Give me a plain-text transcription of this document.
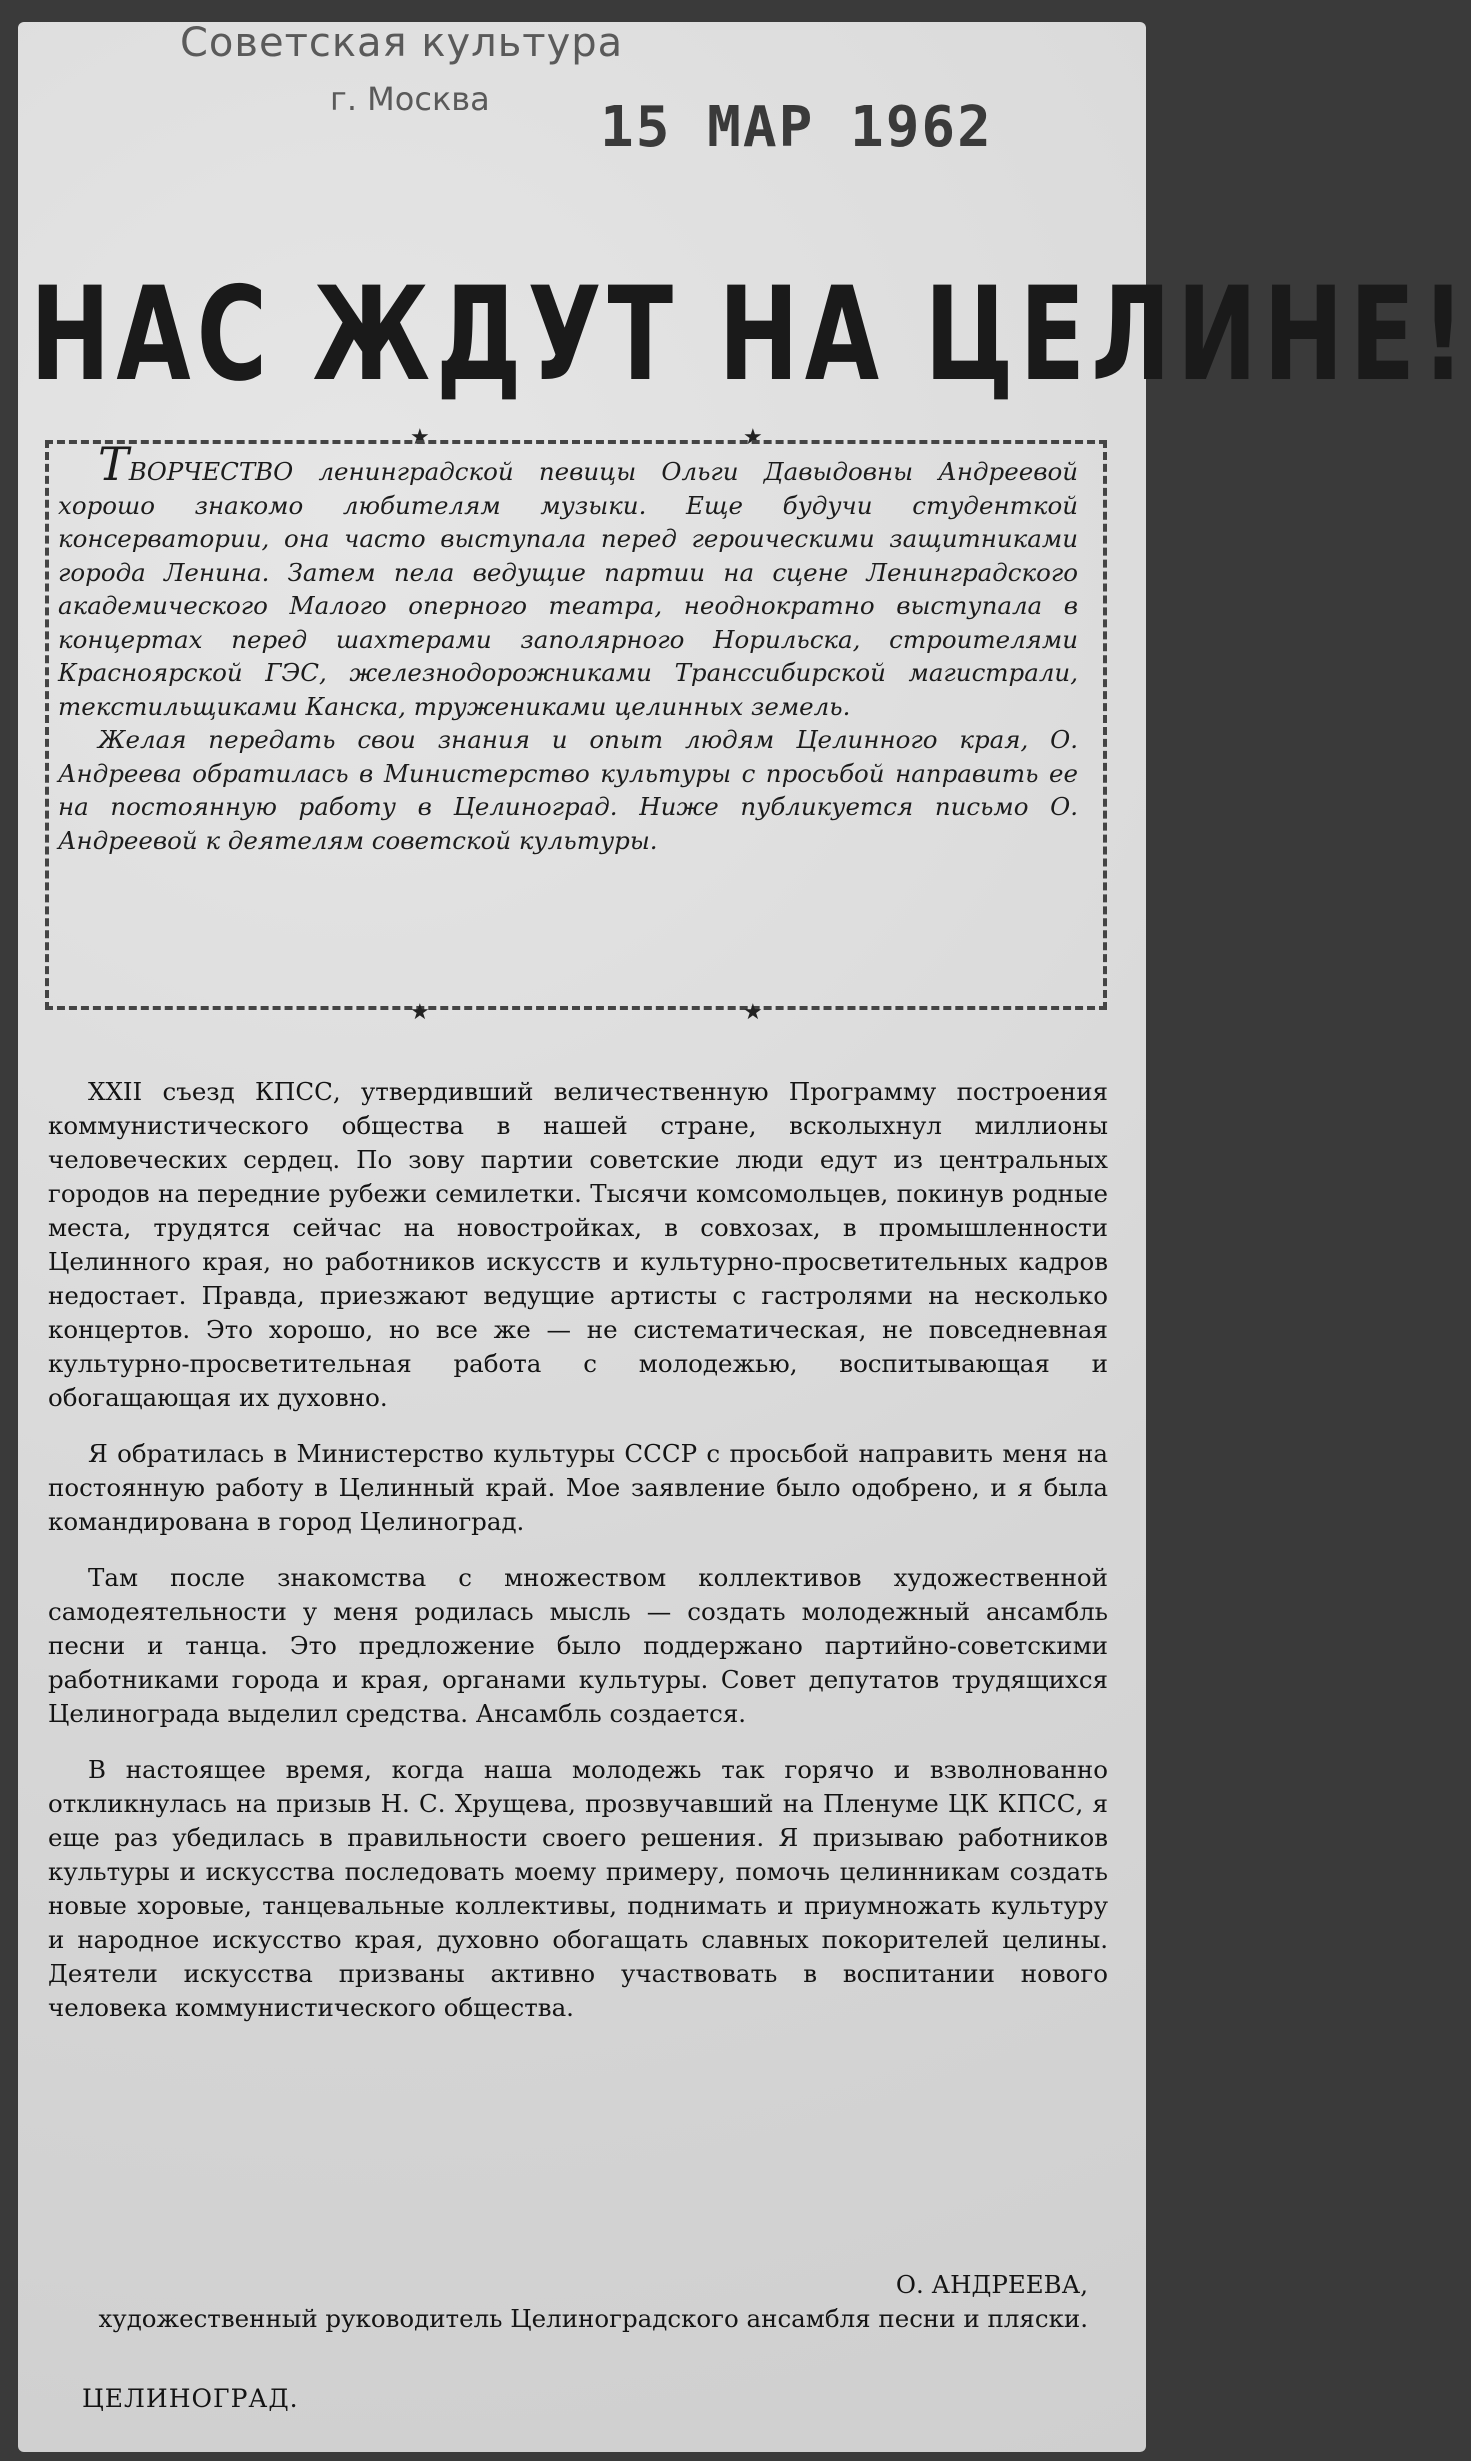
Советская культура
г. Москва 15 МАР 1962
НАС ЖДУТ НА ЦЕЛИНЕ!
★	★
★	★

ТВОРЧЕСТВО ленинградской певицы Ольги Давыдовны Андреевой хорошо знакомо любителям музыки. Еще будучи студенткой консерватории, она часто выступала перед героическими защитниками города Ленина. Затем пела ведущие партии на сцене Ленинградского академического Малого оперного театра, неоднократно выступала в концертах перед шахтерами заполярного Норильска, строителями Красноярской ГЭС, железнодорожниками Транссибирской магистрали, текстильщиками Канска, тружениками целинных земель.

Желая передать свои знания и опыт людям Целинного края, О. Андреева обратилась в Министерство культуры с просьбой направить ее на постоянную работу в Целиноград. Ниже публикуется письмо О. Андреевой к деятелям советской культуры.

XXII съезд КПСС, утвердивший величественную Программу построения коммунистического общества в нашей стране, всколыхнул миллионы человеческих сердец. По зову партии советские люди едут из центральных городов на передние рубежи семилетки. Тысячи комсомольцев, покинув родные места, трудятся сейчас на новостройках, в совхозах, в промышленности Целинного края, но работников искусств и культурно-просветительных кадров недостает. Правда, приезжают ведущие артисты с гастролями на несколько концертов. Это хорошо, но все же — не систематическая, не повседневная культурно-просветительная работа с молодежью, воспитывающая и обогащающая их духовно.

Я обратилась в Министерство культуры СССР с просьбой направить меня на постоянную работу в Целинный край. Мое заявление было одобрено, и я была командирована в город Целиноград.

Там после знакомства с множеством коллективов художественной самодеятельности у меня родилась мысль — создать молодежный ансамбль песни и танца. Это предложение было поддержано партийно-советскими работниками города и края, органами культуры. Совет депутатов трудящихся Целинограда выделил средства. Ансамбль создается.

В настоящее время, когда наша молодежь так горячо и взволнованно откликнулась на призыв Н. С. Хрущева, прозвучавший на Пленуме ЦК КПСС, я еще раз убедилась в правильности своего решения. Я призываю работников культуры и искусства последовать моему примеру, помочь целинникам создать новые хоровые, танцевальные коллективы, поднимать и приумножать культуру и народное искусство края, духовно обогащать славных покорителей целины. Деятели искусства призваны активно участвовать в воспитании нового человека коммунистического общества.

О. АНДРЕЕВА,
художественный руководитель Целиноградского ансамбля песни и пляски.
ЦЕЛИНОГРАД.
